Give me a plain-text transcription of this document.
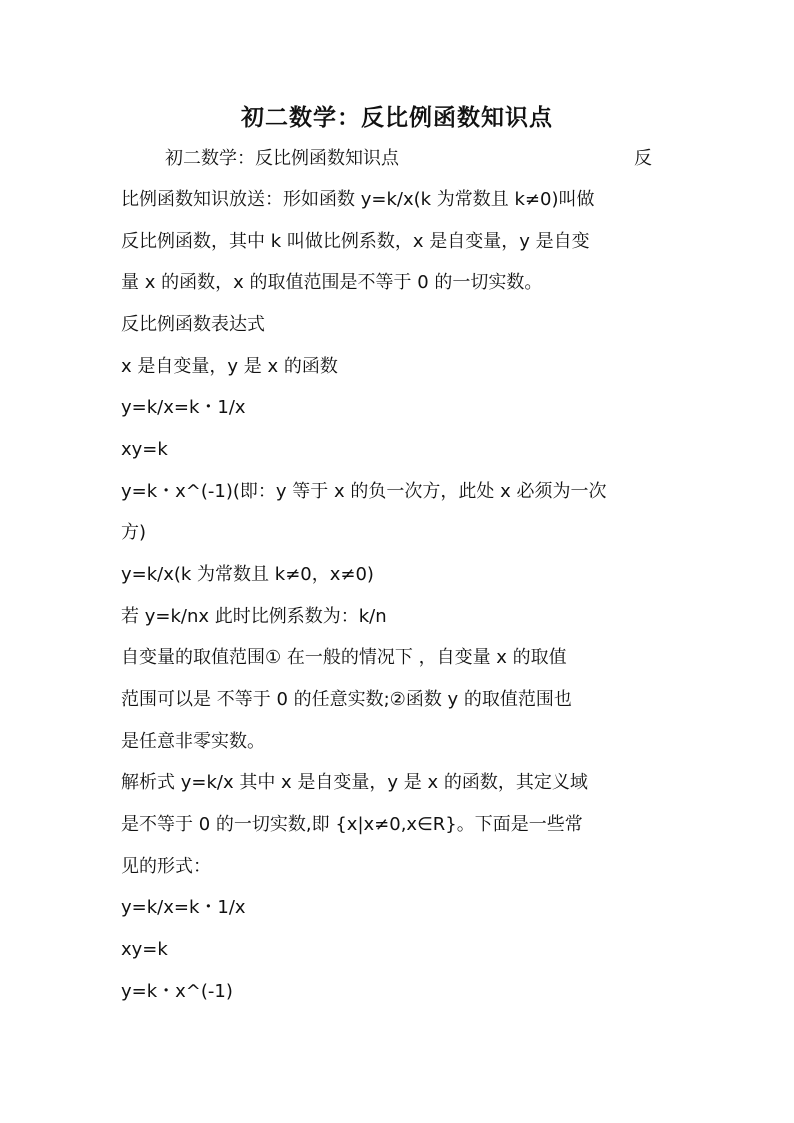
初二数学：反比例函数知识点
初二数学：反比例函数知识点	反
比例函数知识放送：形如函数 y=k/x(k 为常数且 k≠0)叫做
反比例函数，其中 k 叫做比例系数，x 是自变量，y 是自变
量 x 的函数，x 的取值范围是不等于 0 的一切实数。
反比例函数表达式
x 是自变量，y 是 x 的函数
y=k/x=k・1/x
xy=k
y=k・x^(-1)(即：y 等于 x 的负一次方，此处 x 必须为一次
方)
y=k/x(k 为常数且 k≠0，x≠0)
若 y=k/nx 此时比例系数为：k/n
自变量的取值范围① 在一般的情况下 ，自变量 x 的取值
范围可以是 不等于 0 的任意实数;②函数 y 的取值范围也
是任意非零实数。
解析式 y=k/x 其中 x 是自变量，y 是 x 的函数，其定义域
是不等于 0 的一切实数,即 {x|x≠0,x∈R}。下面是一些常
见的形式：
y=k/x=k・1/x
xy=k
y=k・x^(-1)
